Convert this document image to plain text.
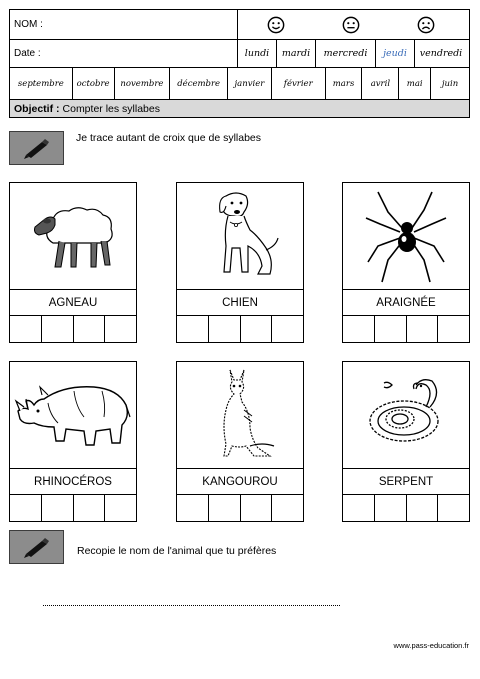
NOM :
Date :	lundi	mardi	mercredi	jeudi	vendredi
septembre	octobre	novembre	décembre	janvier	février	mars	avril	mai	juin
Objectif : Compter les syllabes
Je trace autant de croix que de syllabes
AGNEAU	CHIEN	ARAIGNÉE
RHINOCÉROS	KANGOUROU	SERPENT
Recopie le nom de l'animal que tu préfères
www.pass-education.fr
